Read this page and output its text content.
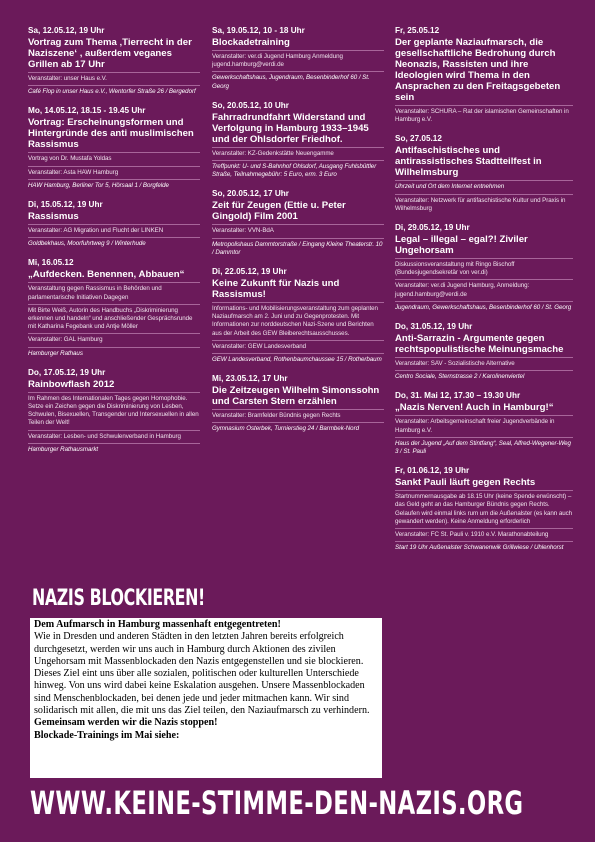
Sa, 12.05.12, 19 Uhr
Vortrag zum Thema ‚Tierrecht in der Naziszene‘ , außerdem veganes Grillen ab 17 Uhr
Veranstalter: unser Haus e.V.
Café Flop in unser Haus e.V., Wentorfer Straße 26 / Bergedorf
Mo, 14.05.12, 18.15 - 19.45 Uhr
Vortrag: Erscheinungsformen und Hintergründe des anti muslimischen Rassismus
Vortrag von Dr. Mustafa Yoldas
Veranstalter: Asta HAW Hamburg
HAW Hamburg, Berliner Tor 5, Hörsaal 1 / Borgfelde
Di, 15.05.12, 19 Uhr
Rassismus
Veranstalter: AG Migration und Flucht der LINKEN
Goldbekhaus, Moorfuhrtweg 9 / Winterhude
Mi, 16.05.12
„Aufdecken. Benennen, Abbauen“
Veranstaltung gegen Rassismus in Behörden und parlamentarische Initiativen Dagegen
Mit Birte Weiß, Autorin des Handbuchs „Diskriminierung erkennen und handeln“ und anschließender Gesprächsrunde mit Katharina Fegebank und Antje Möller
Veranstalter: GAL Hamburg
Hamburger Rathaus
Do, 17.05.12, 19 Uhr
Rainbowflash 2012
Im Rahmen des Internationalen Tages gegen Homophobie. Setze ein Zeichen gegen die Diskriminierung von Lesben, Schwulen, Bisexuellen, Transgender und Intersexuellen in allen Teilen der Welt!
Veranstalter: Lesben- und Schwulenverband in Hamburg
Hamburger Rathausmarkt
Sa, 19.05.12, 10 - 18 Uhr
Blockadetraining
Veranstalter: ver.di Jugend Hamburg Anmeldung jugend.hamburg@verdi.de
Gewerkschaftshaus, Jugendraum, Besenbinderhof 60 / St. Georg
So, 20.05.12, 10 Uhr
Fahrradrundfahrt Widerstand und Verfolgung in Hamburg 1933–1945 und der Ohlsdorfer Friedhof.
Veranstalter: KZ-Gedenkstätte Neuengamme
Treffpunkt: U- und S-Bahnhof Ohlsdorf, Ausgang Fuhlsbüttler Straße, Teilnahmegebühr: 5 Euro, erm. 3 Euro
So, 20.05.12, 17 Uhr
Zeit für Zeugen (Ettie u. Peter Gingold) Film 2001
Veranstalter: VVN-BdA
Metropolishaus Dammtorstraße / Eingang Kleine Theaterstr. 10 / Dammtor
Di, 22.05.12, 19 Uhr
Keine Zukunft für Nazis und Rassismus!
Informations- und Mobilisierungsveranstaltung zum geplanten Naziaufmarsch am 2. Juni und zu Gegenprotesten. Mit Informationen zur norddeutschen Nazi-Szene und Berichten aus der Arbeit des GEW Bleiberechtsausschusses.
Veranstalter: GEW Landesverband
GEW Landesverband, Rothenbaumchaussee 15 / Rotherbaum
Mi, 23.05.12, 17 Uhr
Die Zeitzeugen Wilhelm Simonssohn und Carsten Stern erzählen
Veranstalter: Bramfelder Bündnis gegen Rechts
Gymnasium Osterbek, Turnierstieg 24 / Barmbek-Nord
Fr, 25.05.12
Der geplante Naziaufmarsch, die gesellschaftliche Bedrohung durch Neonazis, Rassisten und ihre Ideologien wird Thema in den Ansprachen zu den Freitagsgebeten sein
Veranstalter: SCHURA – Rat der islamischen Gemeinschaften in Hamburg e.V.
So, 27.05.12
Antifaschistisches und antirassistisches Stadtteilfest in Wilhelmsburg
Uhrzeit und Ort dem Internet entnehmen
Veranstalter: Netzwerk für antifaschistische Kultur und Praxis in Wilhelmsburg
Di, 29.05.12, 19 Uhr
Legal – illegal – egal?! Ziviler Ungehorsam
Diskussionsveranstaltung mit Ringo Bischoff (Bundesjugendsekretär von ver.di)
Veranstalter: ver.di Jugend Hamburg, Anmeldung: jugend.hamburg@verdi.de
Jugendraum, Gewerkschaftshaus, Besenbinderhof 60 / St. Georg
Do, 31.05.12, 19 Uhr
Anti-Sarrazin - Argumente gegen rechtspopulistische Meinungsmache
Veranstalter: SAV - Sozialistische Alternative
Centro Sociale, Sternstrasse 2 / Karolinenviertel
Do, 31. Mai 12, 17.30 – 19.30 Uhr
„Nazis Nerven! Auch in Hamburg!“
Veranstalter: Arbeitsgemeinschaft freier Jugendverbände in Hamburg e.V.
Haus der Jugend „Auf dem Stintfang“, Seal, Alfred-Wegener-Weg 3 / St. Pauli
Fr, 01.06.12, 19 Uhr
Sankt Pauli läuft gegen Rechts
Startnummernausgabe ab 18.15 Uhr (keine Spende erwünscht) – das Geld geht an das Hamburger Bündnis gegen Rechts. Gelaufen wird einmal links rum um die Außenalster (es kann auch gewandert werden). Keine Anmeldung erforderlich
Veranstalter: FC St. Pauli v. 1910 e.V. Marathonabteilung
Start 19 Uhr Außenalster Schwanenwik Grillwiese / Uhlenhorst
NAZIS BLOCKIEREN!

Dem Aufmarsch in Hamburg massenhaft entgegentreten!

Wie in Dresden und anderen Städten in den letzten Jahren bereits erfolgreich durchgesetzt, werden wir uns auch in Hamburg durch Aktionen des zivilen Ungehorsam mit Massenblockaden den Nazis entgegenstellen und sie blockieren. Dieses Ziel eint uns über alle sozialen, politischen oder kulturellen Unterschiede hinweg. Von uns wird dabei keine Eskalation ausgehen. Unsere Massenblockaden sind Menschenblockaden, bei denen jede und jeder mitmachen kann. Wir sind solidarisch mit allen, die mit uns das Ziel teilen, den Naziaufmarsch zu verhindern.

Gemeinsam werden wir die Nazis stoppen!

Blockade-Trainings im Mai siehe:

WWW.KEINE-STIMME-DEN-NAZIS.ORG
